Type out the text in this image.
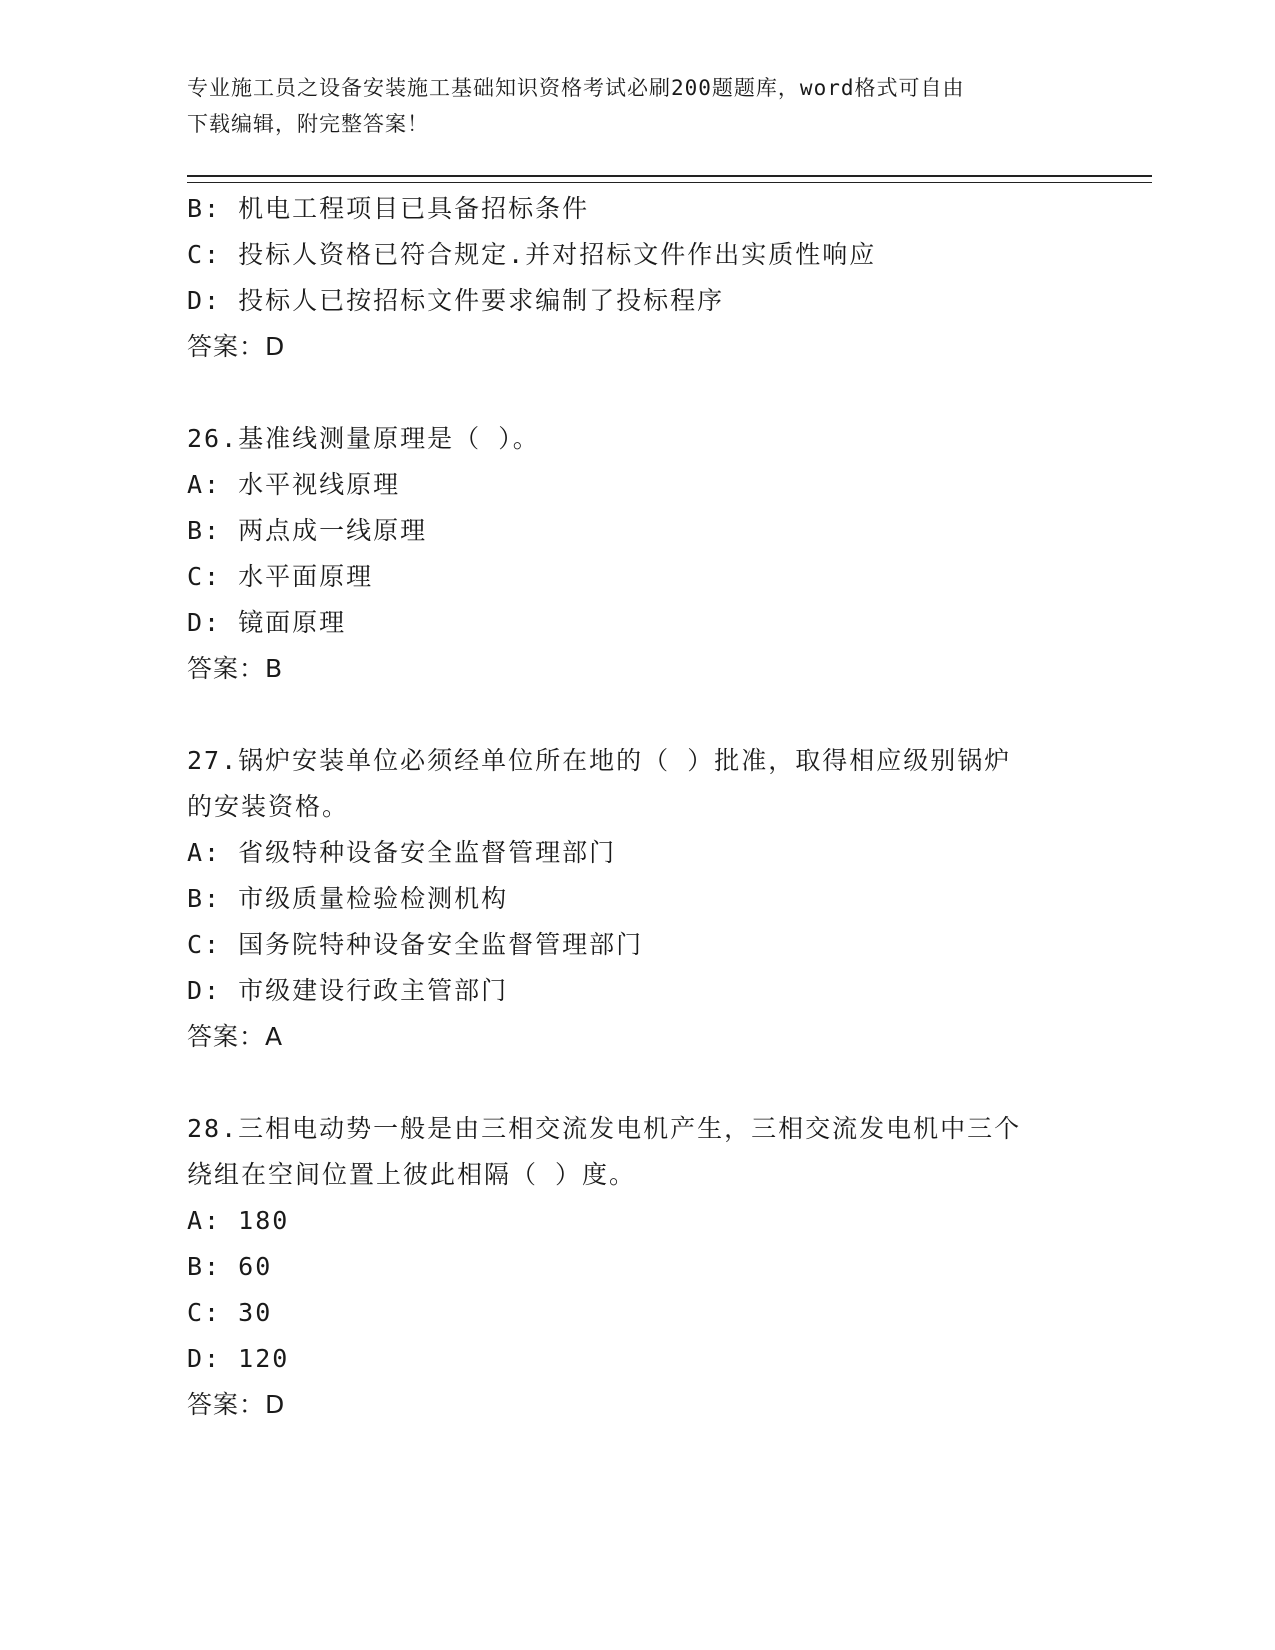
专业施工员之设备安装施工基础知识资格考试必刷200题题库，word格式可自由
下载编辑，附完整答案！
B: 机电工程项目已具备招标条件
C: 投标人资格已符合规定.并对招标文件作出实质性响应
D: 投标人已按招标文件要求编制了投标程序
答案：D
26.基准线测量原理是（ ）。
A: 水平视线原理
B: 两点成一线原理
C: 水平面原理
D: 镜面原理
答案：B
27.锅炉安装单位必须经单位所在地的（ ）批准，取得相应级别锅炉
的安装资格。
A: 省级特种设备安全监督管理部门
B: 市级质量检验检测机构
C: 国务院特种设备安全监督管理部门
D: 市级建设行政主管部门
答案：A
28.三相电动势一般是由三相交流发电机产生，三相交流发电机中三个
绕组在空间位置上彼此相隔（ ）度。
A: 180
B: 60
C: 30
D: 120
答案：D
